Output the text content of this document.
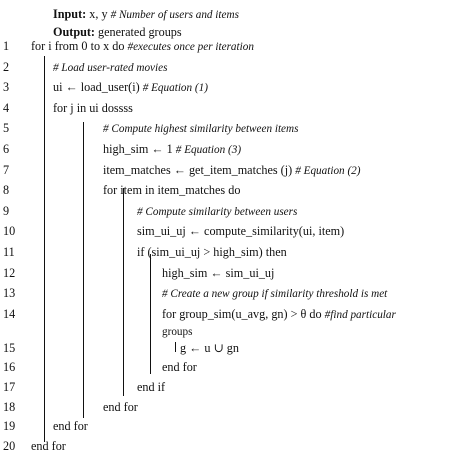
Input: x, y # Number of users and items
Output: generated groups
1	for i from 0 to x do #executes once per iteration
2	# Load user-rated movies
3	ui ← load_user(i) # Equation (1)
4	for j in ui dossss
5	# Compute highest similarity between items
6	high_sim ← 1 # Equation (3)
7	item_matches ← get_item_matches (j) # Equation (2)
8	for item in item_matches do
9	# Compute similarity between users
10	sim_ui_uj ← compute_similarity(ui, item)
11	if (sim_ui_uj > high_sim) then
12	high_sim ← sim_ui_uj
13	# Create a new group if similarity threshold is met
14	for group_sim(u_avg, gn) > θ do #find particular
groups
15	g ← u ∪ gn
16	end for
17	end if
18	end for
19	end for
20 end for
